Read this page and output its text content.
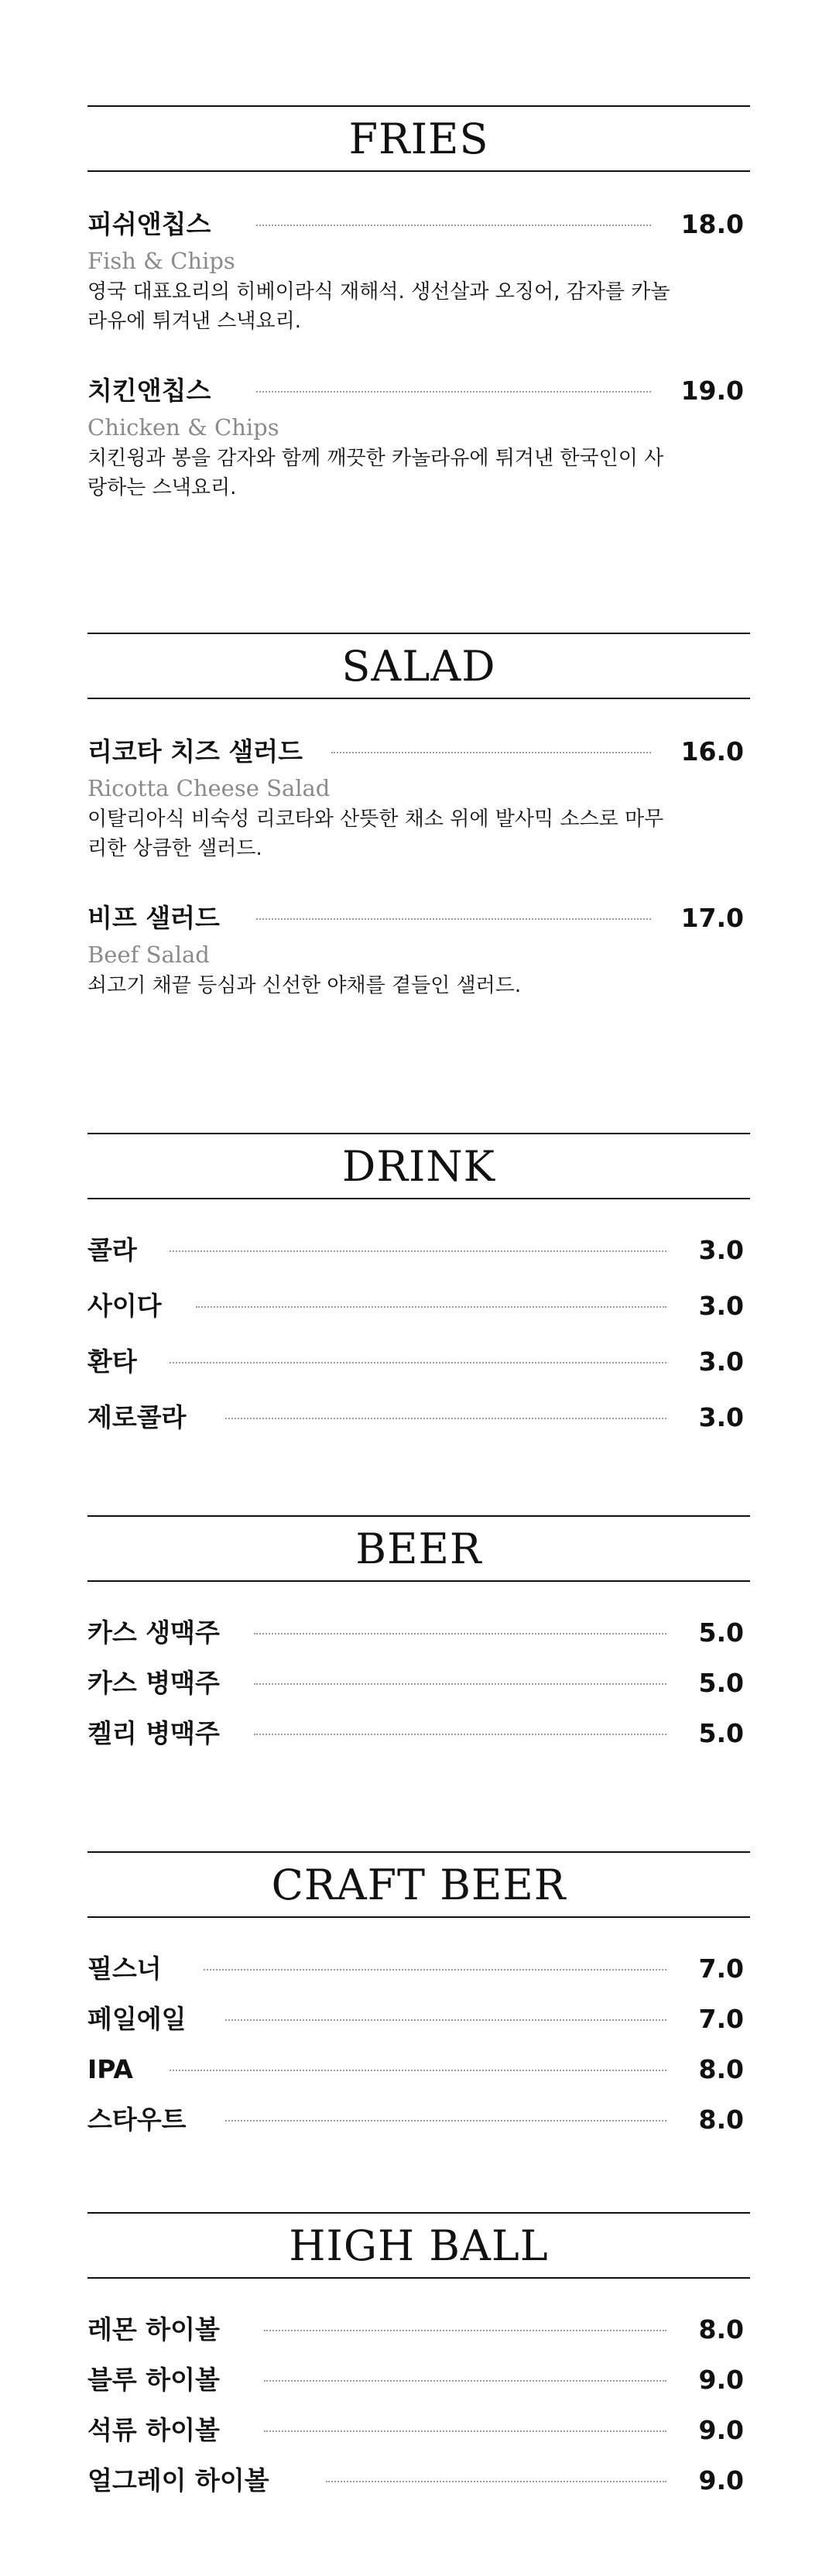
FRIES
피쉬앤칩스	18.0
Fish & Chips
영국 대표요리의 히베이라식 재해석. 생선살과 오징어, 감자를 카놀라유에 튀겨낸 스낵요리.
치킨앤칩스	19.0
Chicken & Chips
치킨윙과 봉을 감자와 함께 깨끗한 카놀라유에 튀겨낸 한국인이 사랑하는 스낵요리.
SALAD
리코타 치즈 샐러드	16.0
Ricotta Cheese Salad
이탈리아식 비숙성 리코타와 산뜻한 채소 위에 발사믹 소스로 마무리한 상큼한 샐러드.
비프 샐러드	17.0
Beef Salad
쇠고기 채끝 등심과 신선한 야채를 곁들인 샐러드.
DRINK
콜라	3.0
사이다	3.0
환타	3.0
제로콜라	3.0
BEER
카스 생맥주	5.0
카스 병맥주	5.0
켈리 병맥주	5.0
CRAFT BEER
필스너	7.0
페일에일	7.0
IPA	8.0
스타우트	8.0
HIGH BALL
레몬 하이볼	8.0
블루 하이볼	9.0
석류 하이볼	9.0
얼그레이 하이볼	9.0
